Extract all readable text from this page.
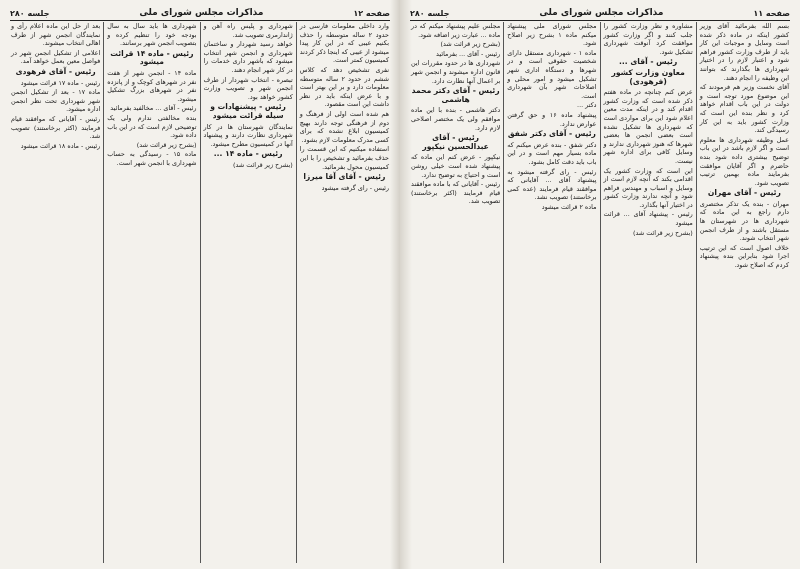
صفحه ۱۱
مذاکرات مجلس شورای ملی
جلسه ۲۸۰

بسم الله بفرمائید آقای وزیر کشور اینکه در ماده ذکر شده است وسایل و موجبات این کار باید از طرف وزارت کشور فراهم شود و اعتبار لازم را در اختیار شهرداری ها بگذارند که بتوانند این وظیفه را انجام دهند.

آقای نخست وزیر هم فرمودند که این موضوع مورد توجه است و دولت در این باب اقدام خواهد کرد و نظر بنده این است که وزارت کشور باید به این کار رسیدگی کند.

عمل وظیفه شهرداری ها معلوم است و اگر لازم باشد در این باب توضیح بیشتری داده شود بنده حاضرم و اگر آقایان موافقت بفرمایند ماده بهمین ترتیب تصویب شود.

رئیس - آقای مهران

مهران - بنده یک تذکر مختصری دارم راجع به این ماده که شهرداری ها در شهرستان ها مستقل باشند و از طرف انجمن شهر انتخاب شوند.

خلاف اصول است که این ترتیب اجرا شود بنابراین بنده پیشنهاد کردم که اصلاح شود.

مشاوره و نظر وزارت کشور را جلب کنند و اگر وزارت کشور موافقت کرد آنوقت شهرداری تشکیل شود.

رئیس - آقای ...

معاون وزارت کشور (فرهودی)

عرض کنم چنانچه در ماده هفتم ذکر شده است که وزارت کشور اقدام کند و در اینکه مدت معین اعلام شود این برای مواردی است که شهرداری ها تشکیل نشده است بعضی انجمن ها بعضی شهرها که هنوز شهرداری ندارند و وسایل کافی برای اداره شهر نیست.

این است که وزارت کشور یک اقدامی بکند که آنچه لازم است از وسایل و اسباب و مهندس فراهم شود و آنچه ندارند وزارت کشور در اختیار آنها بگذارد.

رئیس - پیشنهاد آقای ... قرائت میشود

(بشرح زیر قرائت شد)

مجلس شورای ملی پیشنهاد میکنم ماده ۱ بشرح زیر اصلاح شود.

ماده ۱ - شهرداری مستقل دارای شخصیت حقوقی است و در شهرها و دستگاه اداری شهر تشکیل میشود و امور محلی و اصلاحات شهر بآن شهرداری است.

دکتر ...

پیشنهاد ماده ۱۶ و حق گرفتن عوارض ندارد.

رئیس - آقای دکتر شفق

دکتر شفق - بنده عرض میکنم که ماده بسیار مهم است و در این باب باید دقت کامل بشود.

رئیس - رای گرفته میشود به پیشنهاد آقای ... آقایانی که موافقند قیام فرمایند (عده کمی برخاستند) تصویب نشد.

ماده ۲ قرائت میشود

مجلس علیم پیشنهاد میکنم که در ماده ... عبارت زیر اضافه شود.

(بشرح زیر قرائت شد)

رئیس - آقای ... بفرمائید

شهرداری ها در حدود مقررات این قانون اداره میشوند و انجمن شهر بر اعمال آنها نظارت دارد.

رئیس - آقای دکتر محمد هاشمی

دکتر هاشمی - بنده با این ماده موافقم ولی یک مختصر اصلاحی لازم دارد.

رئیس - آقای عبدالحسین نیکپور

نیکپور - عرض کنم این ماده که پیشنهاد شده است خیلی روشن است و احتیاج به توضیح ندارد.

رئیس - آقایانی که با ماده موافقند قیام فرمایند (اکثر برخاستند) تصویب شد.

صفحه ۱۲
مذاکرات مجلس شورای ملی
جلسه ۲۸۰

وارد داخلی معلومات فارسی در حدود ۲ ساله متوسطه را حذف بکنیم عیبی که در این کار پیدا میشود از عیبی که اینجا ذکر کردند کمیسیون کمتر است.

نفری تشخیص دهد که کلاس ششم در حدود ۲ ساله متوسطه معلومات دارد و بر این بهتر است و با عرض اینکه باید در نظر داشت این است مقصود.

هم شده است اولی از فرهنگ و دوم از فرهنگی توجه دارند بهیچ کمیسیون ابلاغ نشده که برای کسی مدرک معلومات لازم بشود.

استفاده میکنیم که این قسمت را حذف بفرمائید و تشخیص را با این کمیسیون محول بفرمائید.

رئیس - آقای آقا میرزا

رئیس - رای گرفته میشود

شهرداری و پلیس راه آهن و ژاندارمری تصویب شد.

خواهد رسید شهردار و ساختمان شهرداری و انجمن شهر انتخاب میشود که باشهر داری خدمات را در کار شهر انجام دهند.

تبصره - انتخاب شهردار از طرف انجمن شهر و تصویب وزارت کشور خواهد بود.

رئیس - پیشنهادات و سیله قرائت میشود

نمایندگان شهرستان ها در کار شهرداری نظارت دارند و پیشنهاد آنها در کمیسیون مطرح میشود.

رئیس - ماده ۱۴ ...

(بشرح زیر قرائت شد)

شهرداری ها باید سال به سال بودجه خود را تنظیم کرده و بتصویب انجمن شهر برسانند.

رئیس - ماده ۱۴ قرائت میشود

ماده ۱۴ - انجمن شهر از هفت نفر در شهرهای کوچک و از پانزده نفر در شهرهای بزرگ تشکیل میشود.

رئیس - آقای ... مخالفید بفرمائید

بنده مخالفتی ندارم ولی یک توضیحی لازم است که در این باب داده شود.

(بشرح زیر قرائت شد)

ماده ۱۵ - رسیدگی به حساب شهرداری با انجمن شهر است.

بعد از حل این ماده اعلام رأی و نمایندگان انجمن شهر از طرف اهالی انتخاب میشوند.

اعلامی از تشکیل انجمن شهر در فواصل معین بعمل خواهد آمد.

رئیس - آقای فرهودی

رئیس - ماده ۱۷ قرائت میشود

ماده ۱۷ - بعد از تشکیل انجمن شهر شهرداری تحت نظر انجمن اداره میشود.

رئیس - آقایانی که موافقند قیام فرمایند (اکثر برخاستند) تصویب شد.

رئیس - ماده ۱۸ قرائت میشود
